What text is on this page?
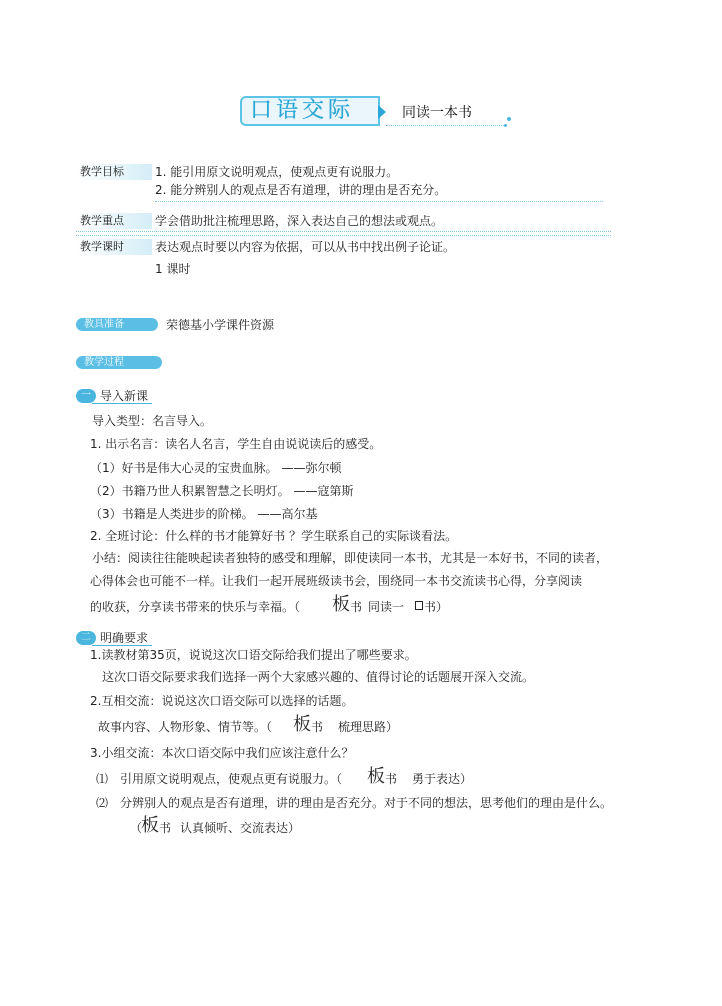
口语交际	同读一本书
教学目标	1. 能引用原文说明观点，使观点更有说服力。
2. 能分辨别人的观点是否有道理，讲的理由是否充分。
教学重点	学会借助批注梳理思路，深入表达自己的想法或观点。
教学课时	表达观点时要以内容为依据，可以从书中找出例子论证。
1 课时
教具准备	荣德基小学课件资源
教学过程
一 导入新课
导入类型：名言导入。
1. 出示名言：读名人名言，学生自由说说读后的感受。
（1）好书是伟大心灵的宝贵血脉。 ——弥尔顿
（2）书籍乃世人积累智慧之长明灯。 ——寇第斯
（3）书籍是人类进步的阶梯。 ——高尔基
2. 全班讨论：什么样的书才能算好书 ？学生联系自己的实际谈看法。
小结：阅读往往能映起读者独特的感受和理解，即使读同一本书，尤其是一本好书，不同的读者，
心得体会也可能不一样。让我们一起开展班级读书会，围绕同一本书交流读书心得，分享阅读
的收获，分享读书带来的快乐与幸福。（ 板 书 同读一 书）
二 明确要求
1.读教材第35页，说说这次口语交际给我们提出了哪些要求。
这次口语交际要求我们选择一两个大家感兴趣的、值得讨论的话题展开深入交流。
2.互相交流：说说这次口语交际可以选择的话题。
故事内容、人物形象、情节等。（ 板 书 梳理思路）
3.小组交流：本次口语交际中我们应该注意什么？
⑴　引用原文说明观点，使观点更有说服力。（ 板 书 勇于表达）
⑵　分辨别人的观点是否有道理，讲的理由是否充分。对于不同的想法，思考他们的理由是什么。
（
板 书 认真倾听、交流表达）
